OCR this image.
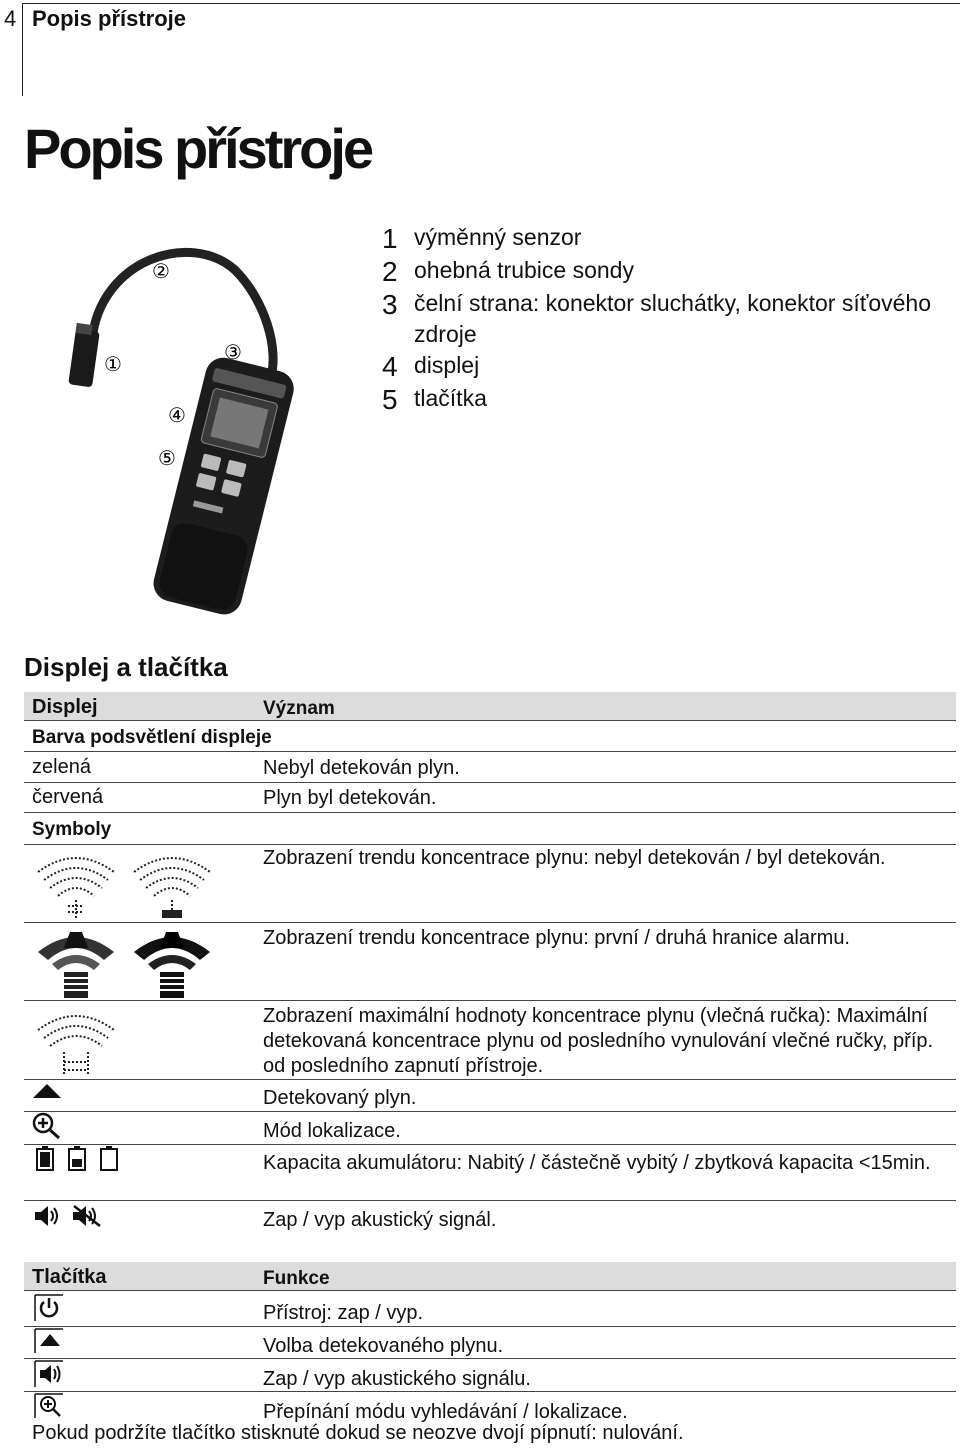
4 Popis přístroje
Popis přístroje
1 výměnný senzor
2 ohebná trubice sondy
3 čelní strana: konektor sluchátky, konektor síťového zdroje
4 displej
5 tlačítka
①
②
③
④
⑤
Displej a tlačítka
Displej	Význam
Barva podsvětlení displeje
zelená	Nebyl detekován plyn.
červená	Plyn byl detekován.
Symboly
Zobrazení trendu koncentrace plynu: nebyl detekován / byl detekován.
Zobrazení trendu koncentrace plynu: první / druhá hranice alarmu.
Zobrazení maximální hodnoty koncentrace plynu (vlečná ručka): Maximální detekovaná koncentrace plynu od posledního vynulování vlečné ručky, příp. od posledního zapnutí přístroje.
Detekovaný plyn.
Mód lokalizace.
Kapacita akumulátoru: Nabitý / částečně vybitý / zbytková kapacita <15min.
Zap / vyp akustický signál.
Tlačítka	Funkce
Přístroj: zap / vyp.
Volba detekovaného plynu.
Zap / vyp akustického signálu.
Přepínání módu vyhledávání / lokalizace.
Pokud podržíte tlačítko stisknuté dokud se neozve dvojí pípnutí: nulování.
